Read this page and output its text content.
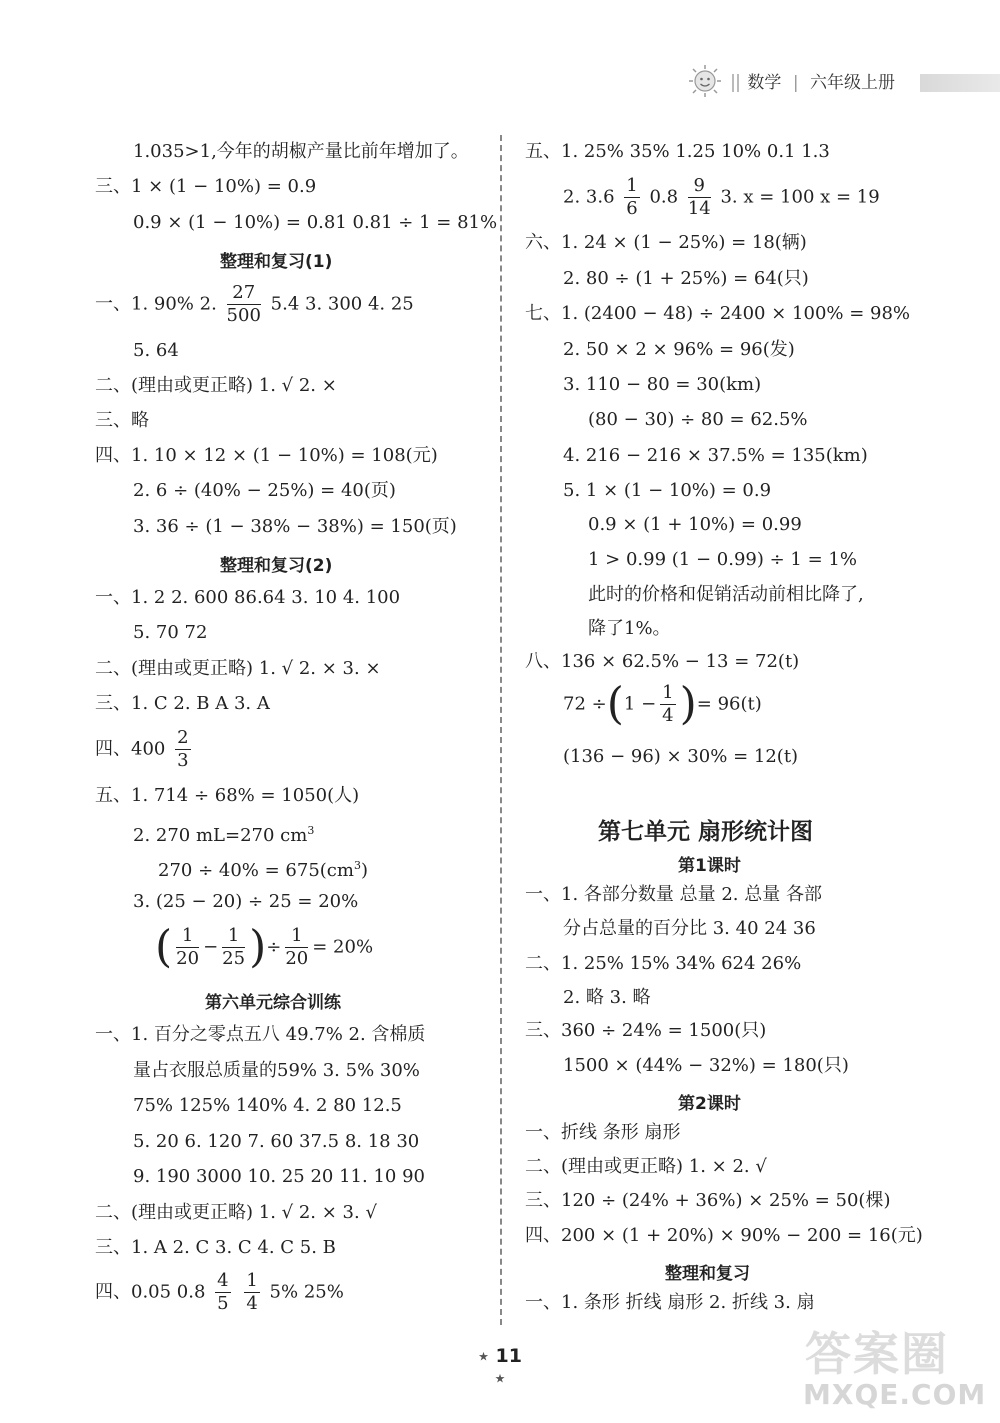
数学 | 六年级上册
1.035>1,今年的胡椒产量比前年增加了。
三、1 × (1 − 10%) = 0.9
0.9 × (1 − 10%) = 0.81 0.81 ÷ 1 = 81%
整理和复习(1)
一、1. 90% 2. $\frac{27}{500} 5.4$ 3. 300 4. 25
5. 64
二、(理由或更正略) 1. √ 2. ×
三、略
四、1. 10 × 12 × (1 − 10%) = 108(元)
2. 6 ÷ (40% − 25%) = 40(页)
3. 36 ÷ (1 − 38% − 38%) = 150(页)
整理和复习(2)
一、1. 2 2. 600 86.64 3. 10 4. 100
5. 70 72
二、(理由或更正略) 1. √ 2. × 3. ×
三、1. C 2. B A 3. A
四、$400 \frac{2}{3}$
五、1. 714 ÷ 68% = 1050(人)
2. 270 mL=270 $cm^3$
$270 \div 40\% = 675(cm^3)$
3. (25 − 20) ÷ 25 = 20%
( $\frac{1}{20} - \frac{1}{25}$ )÷ $\frac{1}{20} = 20\%$
第六单元综合训练
一、1. 百分之零点五八 49.7% 2. 含棉质
量占衣服总质量的59% 3. 5% 30%
75% 125% 140% 4. 2 80 12.5
5. 20 6. 120 7. 60 37.5 8. 18 30
9. 190 3000 10. 25 20 11. 10 90
二、(理由或更正略) 1. √ 2. × 3. √
三、1. A 2. C 3. C 4. C 5. B
四、0.05 $0.8 \frac{4}{5}$
$\frac{1}{4} 5\%$ 25%
五、1. 25% 35% 1.25 10% 0.1 1.3
2. $3.6 \frac{1}{6} 0.8 \frac{9}{14} 3$. x = 100 x = 19
六、1. 24 × (1 − 25%) = 18(辆)
2. 80 ÷ (1 + 25%) = 64(只)
七、1. (2400 − 48) ÷ 2400 × 100% = 98%
2. 50 × 2 × 96% = 96(发)
3. 110 − 80 = 30(km)
(80 − 30) ÷ 80 = 62.5%
4. 216 − 216 × 37.5% = 135(km)
5. 1 × (1 − 10%) = 0.9
0.9 × (1 + 10%) = 0.99
1 > 0.99 (1 − 0.99) ÷ 1 = 1%
此时的价格和促销活动前相比降了,
降了1%。
八、136 × 62.5% − 13 = 72(t)
$72 \div(1 - \frac{1}{4}$ )= 96(t)
(136 − 96) × 30% = 12(t)
第七单元 扇形统计图
第1课时
一、1. 各部分数量 总量 2. 总量 各部
分占总量的百分比 3. 40 24 36
二、1. 25% 15% 34% 624 26%
2. 略 3. 略
三、360 ÷ 24% = 1500(只)
1500 × (44% − 32%) = 180(只)
第2课时
一、折线 条形 扇形
二、(理由或更正略) 1. × 2. √
三、120 ÷ (24% + 36%) × 25% = 50(棵)
四、200 × (1 + 20%) × 90% − 200 = 16(元)
整理和复习
一、1. 条形 折线 扇形 2. 折线 3. 扇
★ 11 ★	答案圈
MXQE.COM
